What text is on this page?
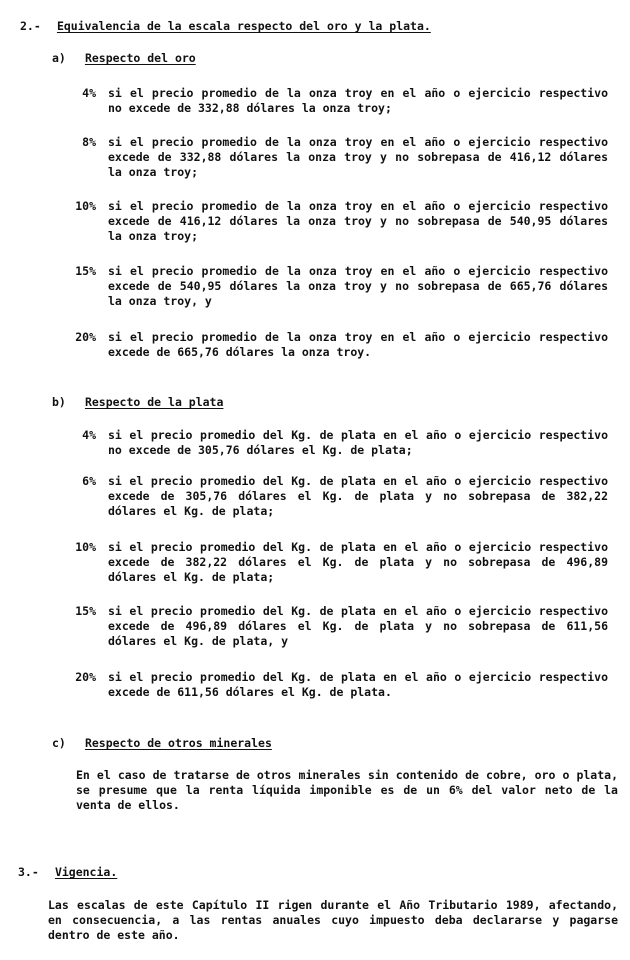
2.- Equivalencia de la escala respecto del oro y la plata.
a) Respecto del oro
4% si el precio promedio de la onza troy en el año o ejercicio respectivo no excede de 332,88 dólares la onza troy;
8% si el precio promedio de la onza troy en el año o ejercicio respectivo excede de 332,88 dólares la onza troy y no sobrepasa de 416,12 dólares la onza troy;
10% si el precio promedio de la onza troy en el año o ejercicio respectivo excede de 416,12 dólares la onza troy y no sobrepasa de 540,95 dólares la onza troy;
15% si el precio promedio de la onza troy en el año o ejercicio respectivo excede de 540,95 dólares la onza troy y no sobrepasa de 665,76 dólares la onza troy, y
20% si el precio promedio de la onza troy en el año o ejercicio respectivo excede de 665,76 dólares la onza troy.
b) Respecto de la plata
4% si el precio promedio del Kg. de plata en el año o ejercicio respectivo no excede de 305,76 dólares el Kg. de plata;
6% si el precio promedio del Kg. de plata en el año o ejercicio respectivo excede de 305,76 dólares el Kg. de plata y no sobrepasa de 382,22 dólares el Kg. de plata;
10% si el precio promedio del Kg. de plata en el año o ejercicio respectivo excede de 382,22 dólares el Kg. de plata y no sobrepasa de 496,89 dólares el Kg. de plata;
15% si el precio promedio del Kg. de plata en el año o ejercicio respectivo excede de 496,89 dólares el Kg. de plata y no sobrepasa de 611,56 dólares el Kg. de plata, y
20% si el precio promedio del Kg. de plata en el año o ejercicio respectivo excede de 611,56 dólares el Kg. de plata.
c) Respecto de otros minerales
En el caso de tratarse de otros minerales sin contenido de cobre, oro o plata, se presume que la renta líquida imponible es de un 6% del valor neto de la venta de ellos.
3.- Vigencia.
Las escalas de este Capítulo II rigen durante el Año Tributario 1989, afectando, en consecuencia, a las rentas anuales cuyo impuesto deba declararse y pagarse dentro de este año.
